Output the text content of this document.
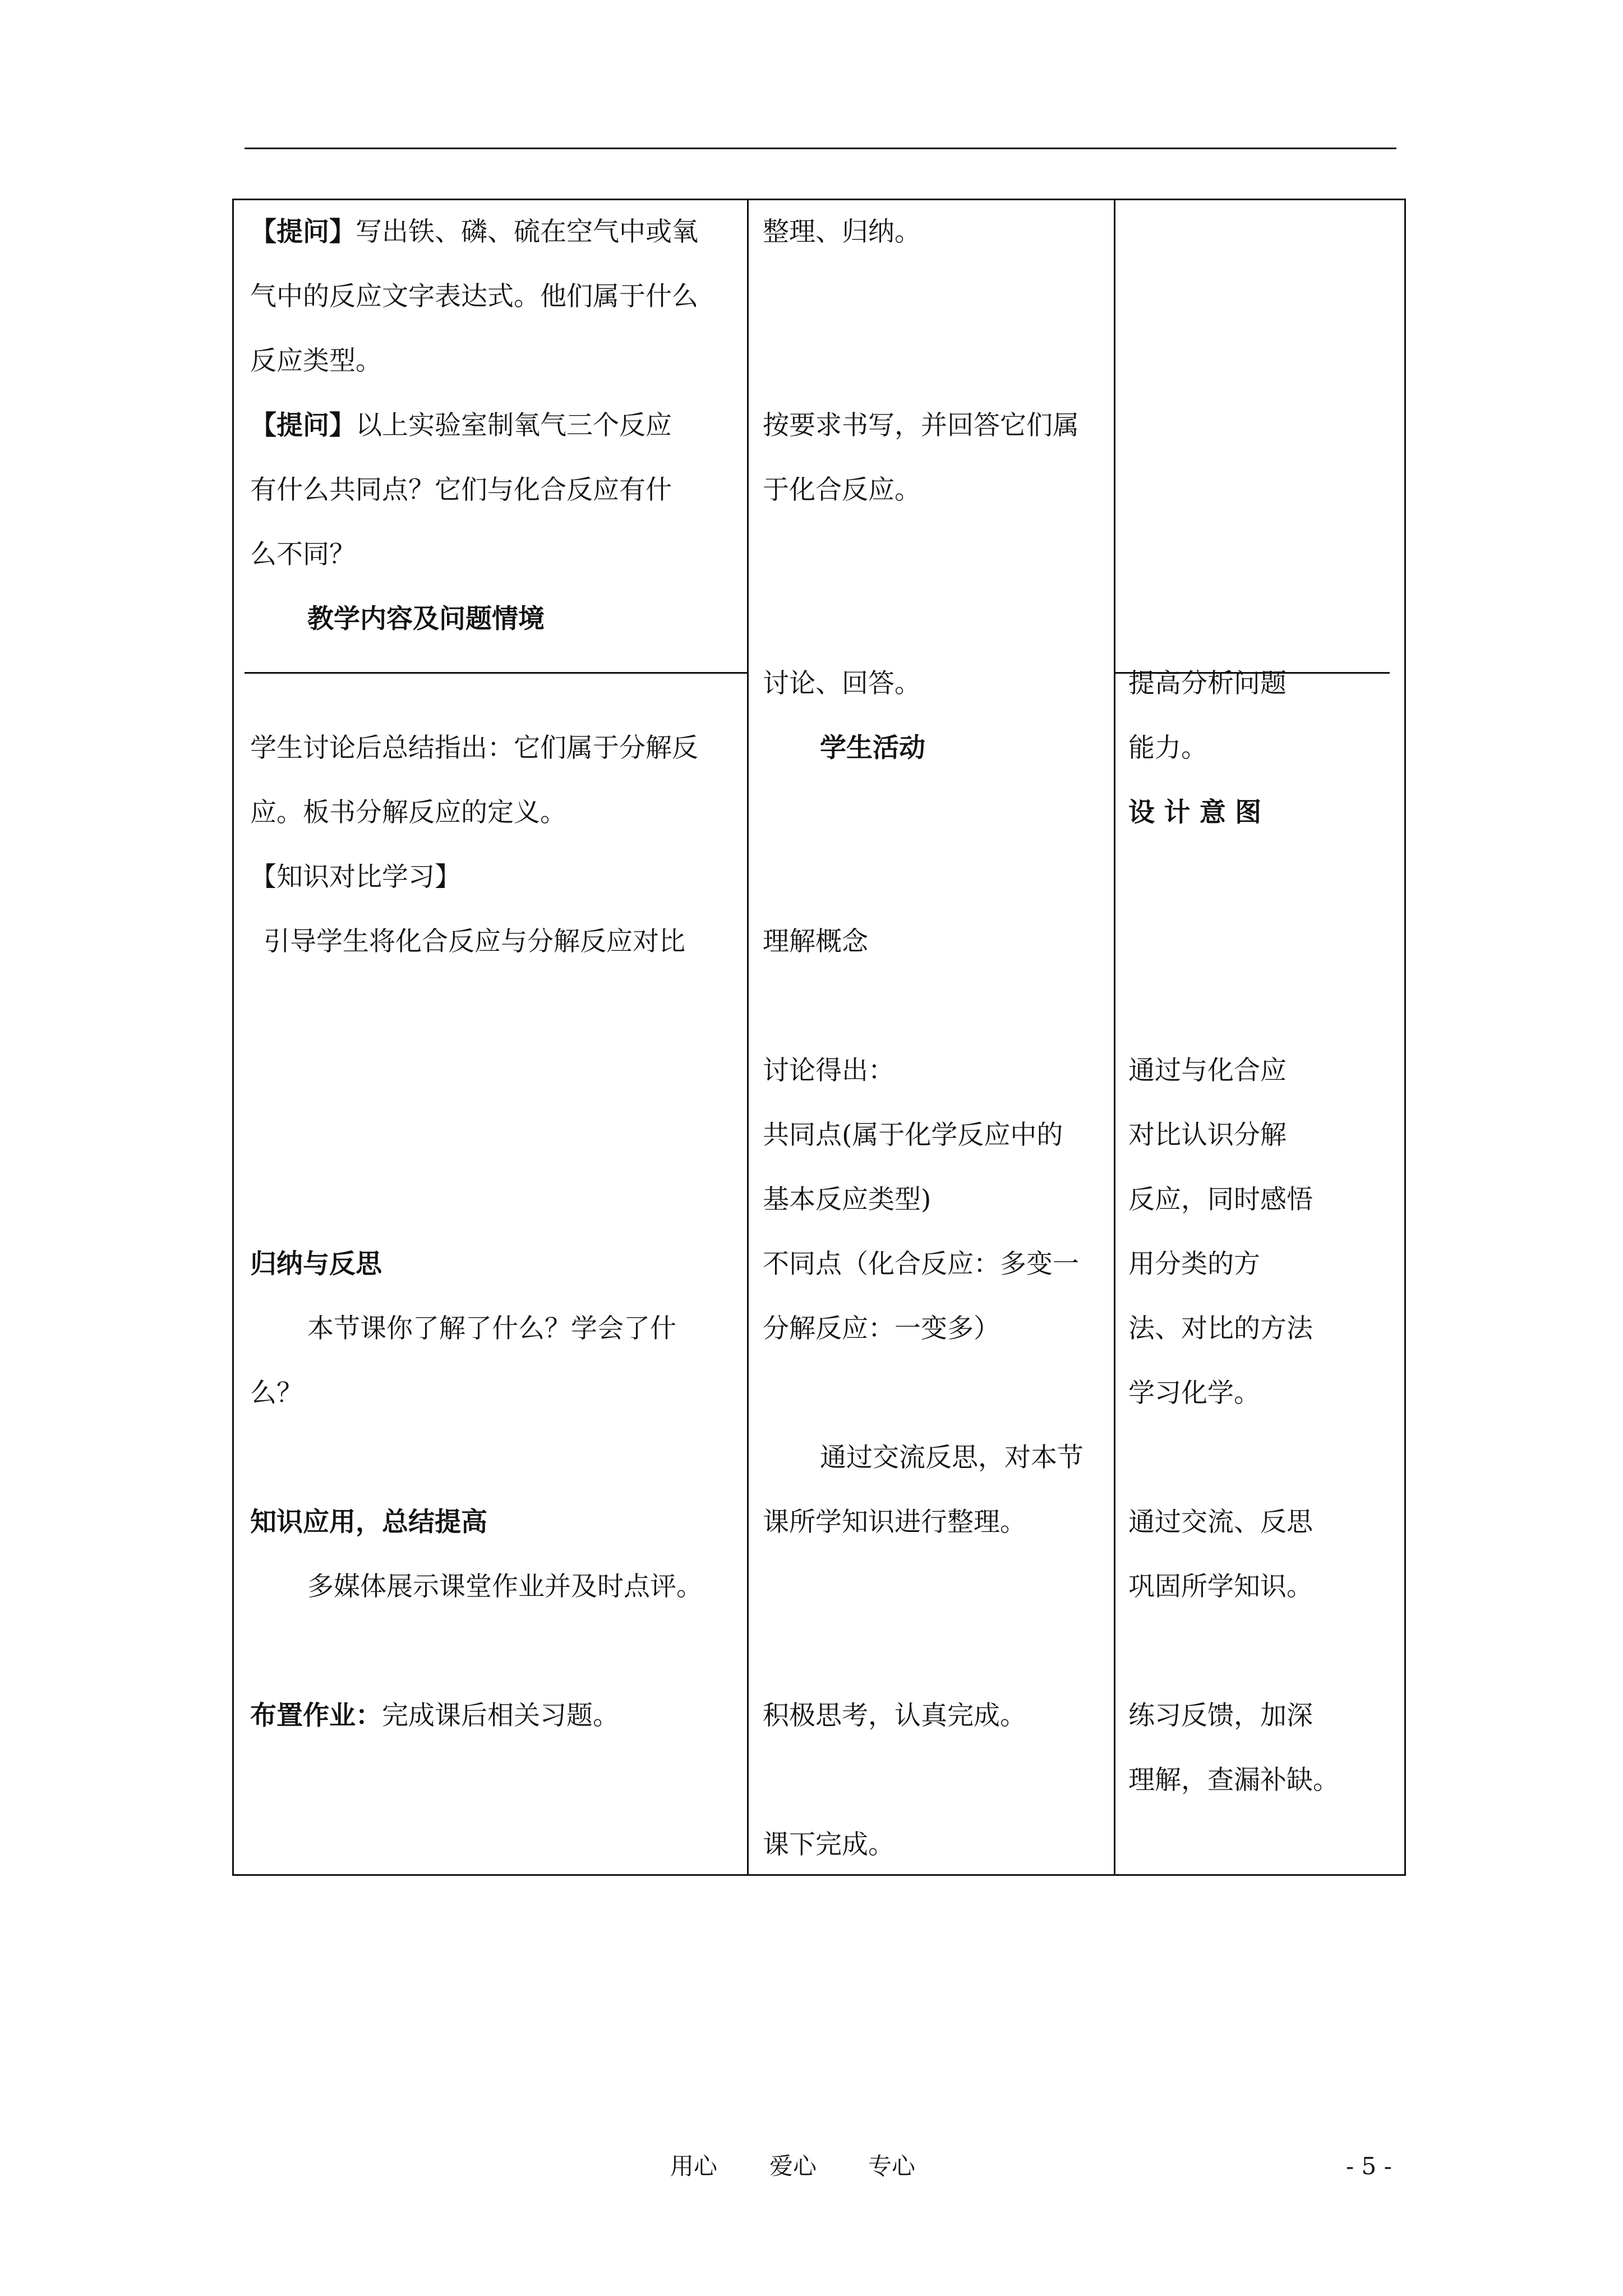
【提问】写出铁、磷、硫在空气中或氧
气中的反应文字表达式。他们属于什么
反应类型。
【提问】以上实验室制氧气三个反应
有什么共同点？它们与化合反应有什
么不同？
教学内容及问题情境
学生讨论后总结指出：它们属于分解反
应。板书分解反应的定义。
【知识对比学习】
引导学生将化合反应与分解反应对比
归纳与反思
本节课你了解了什么？学会了什
么？
知识应用，总结提高
多媒体展示课堂作业并及时点评。
布置作业：完成课后相关习题。
整理、归纳。
按要求书写，并回答它们属
于化合反应。
讨论、回答。
学生活动
理解概念
讨论得出：
共同点(属于化学反应中的
基本反应类型)
不同点（化合反应：多变一
分解反应：一变多）
通过交流反思，对本节
课所学知识进行整理。
积极思考，认真完成。
课下完成。
提高分析问题
能力。
设 计 意 图
通过与化合应
对比认识分解
反应，同时感悟
用分类的方
法、对比的方法
学习化学。
通过交流、反思
巩固所学知识。
练习反馈，加深
理解，查漏补缺。
用心 爱心 专心	- 5 -
